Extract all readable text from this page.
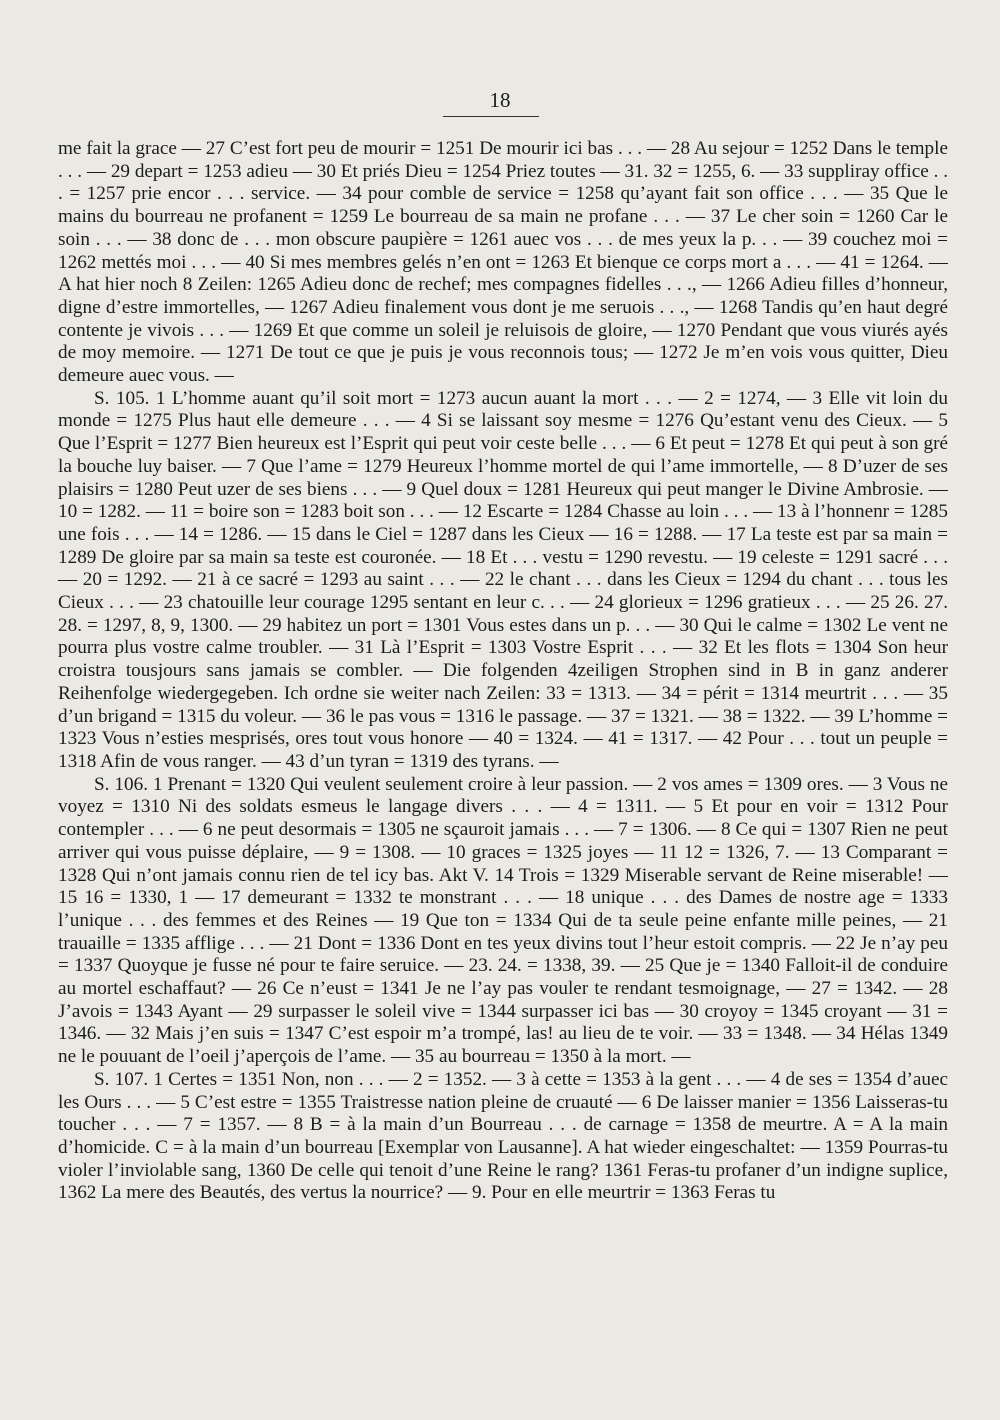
18

me fait la grace — 27 C’est fort peu de mourir = 1251 De mourir ici bas . . . — 28 Au sejour = 1252 Dans le temple . . . — 29 depart = 1253 adieu — 30 Et priés Dieu = 1254 Priez toutes — 31. 32 = 1255, 6. — 33 suppliray office . . . = 1257 prie encor . . . service. — 34 pour comble de service = 1258 qu’ayant fait son office . . . — 35 Que le mains du bourreau ne profanent = 1259 Le bourreau de sa main ne profane . . . — 37 Le cher soin = 1260 Car le soin . . . — 38 donc de . . . mon obscure paupière = 1261 auec vos . . . de mes yeux la p. . . — 39 couchez moi = 1262 mettés moi . . . — 40 Si mes membres gelés n’en ont = 1263 Et bienque ce corps mort a . . . — 41 = 1264. — A hat hier noch 8 Zeilen: 1265 Adieu donc de rechef; mes compagnes fidelles . . ., — 1266 Adieu filles d’honneur, digne d’estre immortelles, — 1267 Adieu finalement vous dont je me seruois . . ., — 1268 Tandis qu’en haut degré contente je vivois . . . — 1269 Et que comme un soleil je reluisois de gloire, — 1270 Pendant que vous viurés ayés de moy memoire. — 1271 De tout ce que je puis je vous reconnois tous; — 1272 Je m’en vois vous quitter, Dieu demeure auec vous. —

S. 105. 1 L’homme auant qu’il soit mort = 1273 aucun auant la mort . . . — 2 = 1274, — 3 Elle vit loin du monde = 1275 Plus haut elle demeure . . . — 4 Si se laissant soy mesme = 1276 Qu’estant venu des Cieux. — 5 Que l’Esprit = 1277 Bien heureux est l’Esprit qui peut voir ceste belle . . . — 6 Et peut = 1278 Et qui peut à son gré la bouche luy baiser. — 7 Que l’ame = 1279 Heureux l’homme mortel de qui l’ame immortelle, — 8 D’uzer de ses plaisirs = 1280 Peut uzer de ses biens . . . — 9 Quel doux = 1281 Heureux qui peut manger le Divine Ambrosie. — 10 = 1282. — 11 = boire son = 1283 boit son . . . — 12 Escarte = 1284 Chasse au loin . . . — 13 à l’honnenr = 1285 une fois . . . — 14 = 1286. — 15 dans le Ciel = 1287 dans les Cieux — 16 = 1288. — 17 La teste est par sa main = 1289 De gloire par sa main sa teste est couronée. — 18 Et . . . vestu = 1290 revestu. — 19 celeste = 1291 sacré . . . — 20 = 1292. — 21 à ce sacré = 1293 au saint . . . — 22 le chant . . . dans les Cieux = 1294 du chant . . . tous les Cieux . . . — 23 chatouille leur courage 1295 sentant en leur c. . . — 24 glorieux = 1296 gratieux . . . — 25 26. 27. 28. = 1297, 8, 9, 1300. — 29 habitez un port = 1301 Vous estes dans un p. . . — 30 Qui le calme = 1302 Le vent ne pourra plus vostre calme troubler. — 31 Là l’Esprit = 1303 Vostre Esprit . . . — 32 Et les flots = 1304 Son heur croistra tousjours sans jamais se combler. — Die folgenden 4zeiligen Strophen sind in B in ganz anderer Reihenfolge wiedergegeben. Ich ordne sie weiter nach Zeilen: 33 = 1313. — 34 = périt = 1314 meurtrit . . . — 35 d’un brigand = 1315 du voleur. — 36 le pas vous = 1316 le passage. — 37 = 1321. — 38 = 1322. — 39 L’homme = 1323 Vous n’esties mesprisés, ores tout vous honore — 40 = 1324. — 41 = 1317. — 42 Pour . . . tout un peuple = 1318 Afin de vous ranger. — 43 d’un tyran = 1319 des tyrans. —

S. 106. 1 Prenant = 1320 Qui veulent seulement croire à leur passion. — 2 vos ames = 1309 ores. — 3 Vous ne voyez = 1310 Ni des soldats esmeus le langage divers . . . — 4 = 1311. — 5 Et pour en voir = 1312 Pour contempler . . . — 6 ne peut desormais = 1305 ne sçauroit jamais . . . — 7 = 1306. — 8 Ce qui = 1307 Rien ne peut arriver qui vous puisse déplaire, — 9 = 1308. — 10 graces = 1325 joyes — 11 12 = 1326, 7. — 13 Comparant = 1328 Qui n’ont jamais connu rien de tel icy bas. Akt V. 14 Trois = 1329 Miserable servant de Reine miserable! — 15 16 = 1330, 1 — 17 demeurant = 1332 te monstrant . . . — 18 unique . . . des Dames de nostre age = 1333 l’unique . . . des femmes et des Reines — 19 Que ton = 1334 Qui de ta seule peine enfante mille peines, — 21 trauaille = 1335 afflige . . . — 21 Dont = 1336 Dont en tes yeux divins tout l’heur estoit compris. — 22 Je n’ay peu = 1337 Quoyque je fusse né pour te faire seruice. — 23. 24. = 1338, 39. — 25 Que je = 1340 Falloit-il de conduire au mortel eschaffaut? — 26 Ce n’eust = 1341 Je ne l’ay pas vouler te rendant tesmoignage, — 27 = 1342. — 28 J’avois = 1343 Ayant — 29 surpasser le soleil vive = 1344 surpasser ici bas — 30 croyoy = 1345 croyant — 31 = 1346. — 32 Mais j’en suis = 1347 C’est espoir m’a trompé, las! au lieu de te voir. — 33 = 1348. — 34 Hélas 1349 ne le pouuant de l’oeil j’aperçois de l’ame. — 35 au bourreau = 1350 à la mort. —

S. 107. 1 Certes = 1351 Non, non . . . — 2 = 1352. — 3 à cette = 1353 à la gent . . . — 4 de ses = 1354 d’auec les Ours . . . — 5 C’est estre = 1355 Traistresse nation pleine de cruauté — 6 De laisser manier = 1356 Laisseras-tu toucher . . . — 7 = 1357. — 8 B = à la main d’un Bourreau . . . de carnage = 1358 de meurtre. A = A la main d’homicide. C = à la main d’un bourreau [Exemplar von Lausanne]. A hat wieder eingeschaltet: — 1359 Pourras-tu violer l’inviolable sang, 1360 De celle qui tenoit d’une Reine le rang? 1361 Feras-tu profaner d’un indigne suplice, 1362 La mere des Beautés, des vertus la nourrice? — 9. Pour en elle meurtrir = 1363 Feras tu
